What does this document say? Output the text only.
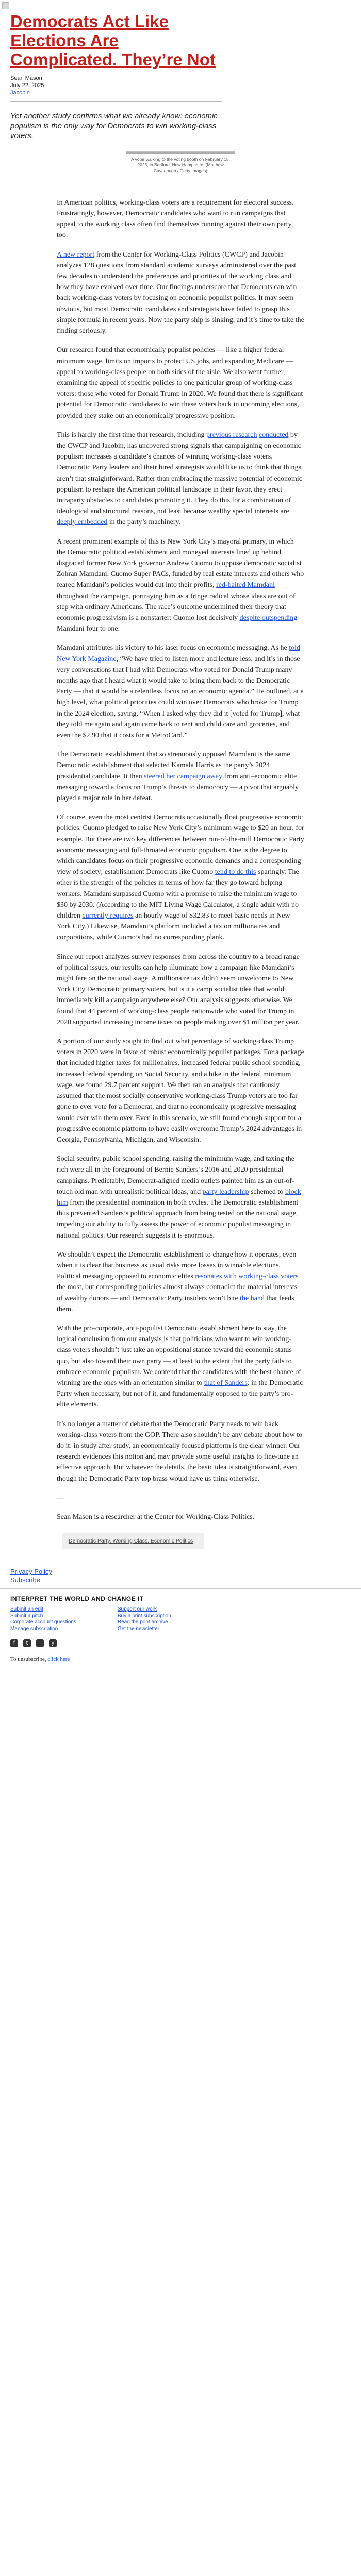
Democrats Act Like Elections Are Complicated. They’re Not
Sean Mason
July 22, 2025
Jacobin
Yet another study confirms what we already know: economic populism is the only way for Democrats to win working-class voters.
A voter walking to the voting booth on February 15, 2025, in Bedford, New Hampshire. (Matthew Cavanaugh / Getty Images)

In American politics, working-class voters are a requirement for electoral success. Frustratingly, however, Democratic candidates who want to run campaigns that appeal to the working class often find themselves running against their own party, too.

A new report from the Center for Working-Class Politics (CWCP) and Jacobin analyzes 128 questions from standard academic surveys administered over the past few decades to understand the preferences and priorities of the working class and how they have evolved over time. Our findings underscore that Democrats can win back working-class voters by focusing on economic populist politics. It may seem obvious, but most Democratic candidates and strategists have failed to grasp this simple formula in recent years. Now the party ship is sinking, and it’s time to take the finding seriously.

Our research found that economically populist policies — like a higher federal minimum wage, limits on imports to protect US jobs, and expanding Medicare — appeal to working-class people on both sides of the aisle. We also went further, examining the appeal of specific policies to one particular group of working-class voters: those who voted for Donald Trump in 2020. We found that there is significant potential for Democratic candidates to win these voters back in upcoming elections, provided they stake out an economically progressive position.

This is hardly the first time that research, including previous research conducted by the CWCP and Jacobin, has uncovered strong signals that campaigning on economic populism increases a candidate’s chances of winning working-class voters. Democratic Party leaders and their hired strategists would like us to think that things aren’t that straightforward. Rather than embracing the massive potential of economic populism to reshape the American political landscape in their favor, they erect intraparty obstacles to candidates promoting it. They do this for a combination of ideological and structural reasons, not least because wealthy special interests are deeply embedded in the party’s machinery.

A recent prominent example of this is New York City’s mayoral primary, in which the Democratic political establishment and moneyed interests lined up behind disgraced former New York governor Andrew Cuomo to oppose democratic socialist Zohran Mamdani. Cuomo Super PACs, funded by real estate interests and others who feared Mamdani’s policies would cut into their profits, red-baited Mamdani throughout the campaign, portraying him as a fringe radical whose ideas are out of step with ordinary Americans. The race’s outcome undermined their theory that economic progressivism is a nonstarter: Cuomo lost decisively despite outspending Mamdani four to one.

Mamdani attributes his victory to his laser focus on economic messaging. As he told New York Magazine, “We have tried to listen more and lecture less, and it’s in those very conversations that I had with Democrats who voted for Donald Trump many months ago that I heard what it would take to bring them back to the Democratic Party — that it would be a relentless focus on an economic agenda.” He outlined, at a high level, what political priorities could win over Democrats who broke for Trump in the 2024 election, saying, “When I asked why they did it [voted for Trump], what they told me again and again came back to rent and child care and groceries, and even the $2.90 that it costs for a MetroCard.”

The Democratic establishment that so strenuously opposed Mamdani is the same Democratic establishment that selected Kamala Harris as the party’s 2024 presidential candidate. It then steered her campaign away from anti–economic elite messaging toward a focus on Trump’s threats to democracy — a pivot that arguably played a major role in her defeat.

Of course, even the most centrist Democrats occasionally float progressive economic policies. Cuomo pledged to raise New York City’s minimum wage to $20 an hour, for example. But there are two key differences between run-of-the-mill Democratic Party economic messaging and full-throated economic populism. One is the degree to which candidates focus on their progressive economic demands and a corresponding view of society; establishment Democrats like Cuomo tend to do this sparingly. The other is the strength of the policies in terms of how far they go toward helping workers. Mamdani surpassed Cuomo with a promise to raise the minimum wage to $30 by 2030. (According to the MIT Living Wage Calculator, a single adult with no children currently requires an hourly wage of $32.83 to meet basic needs in New York City.) Likewise, Mamdani’s platform included a tax on millionaires and corporations, while Cuomo’s had no corresponding plank.

Since our report analyzes survey responses from across the country to a broad range of political issues, our results can help illuminate how a campaign like Mamdani’s might fare on the national stage. A millionaire tax didn’t seem unwelcome to New York City Democratic primary voters, but is it a camp socialist idea that would immediately kill a campaign anywhere else? Our analysis suggests otherwise. We found that 44 percent of working-class people nationwide who voted for Trump in 2020 supported increasing income taxes on people making over $1 million per year.

A portion of our study sought to find out what percentage of working-class Trump voters in 2020 were in favor of robust economically populist packages. For a package that included higher taxes for millionaires, increased federal public school spending, increased federal spending on Social Security, and a hike in the federal minimum wage, we found 29.7 percent support. We then ran an analysis that cautiously assumed that the most socially conservative working-class Trump voters are too far gone to ever vote for a Democrat, and that no economically progressive messaging would ever win them over. Even in this scenario, we still found enough support for a progressive economic platform to have easily overcome Trump’s 2024 advantages in Georgia, Pennsylvania, Michigan, and Wisconsin.

Social security, public school spending, raising the minimum wage, and taxing the rich were all in the foreground of Bernie Sanders’s 2016 and 2020 presidential campaigns. Predictably, Democrat-aligned media outlets painted him as an out-of-touch old man with unrealistic political ideas, and party leadership schemed to block him from the presidential nomination in both cycles. The Democratic establishment thus prevented Sanders’s political approach from being tested on the national stage, impeding our ability to fully assess the power of economic populist messaging in national politics. Our research suggests it is enormous.

We shouldn’t expect the Democratic establishment to change how it operates, even when it is clear that business as usual risks more losses in winnable elections. Political messaging opposed to economic elites resonates with working-class voters the most, but corresponding policies almost always contradict the material interests of wealthy donors — and Democratic Party insiders won’t bite the hand that feeds them.

With the pro-corporate, anti-populist Democratic establishment here to stay, the logical conclusion from our analysis is that politicians who want to win working-class voters shouldn’t just take an oppositional stance toward the economic status quo, but also toward their own party — at least to the extent that the party fails to embrace economic populism. We contend that the candidates with the best chance of winning are the ones with an orientation similar to that of Sanders: in the Democratic Party when necessary, but not of it, and fundamentally opposed to the party’s pro-elite elements.

It’s no longer a matter of debate that the Democratic Party needs to win back working-class voters from the GOP. There also shouldn’t be any debate about how to do it: in study after study, an economically focused platform is the clear winner. Our research evidences this notion and may provide some useful insights to fine-tune an effective approach. But whatever the details, the basic idea is straightforward, even though the Democratic Party top brass would have us think otherwise.

—

Sean Mason is a researcher at the Center for Working-Class Politics.

Democratic Party, Working Class, Economic Politics
Privacy Policy
Subscribe
INTERPRET THE WORLD AND CHANGE IT
Submit an edit
Submit a pitch
Corporate account questions
Manage subscription
Support our work
Buy a print subscription
Read the print archive
Get the newsletter
f	t	i	y
To unsubscribe, click here
